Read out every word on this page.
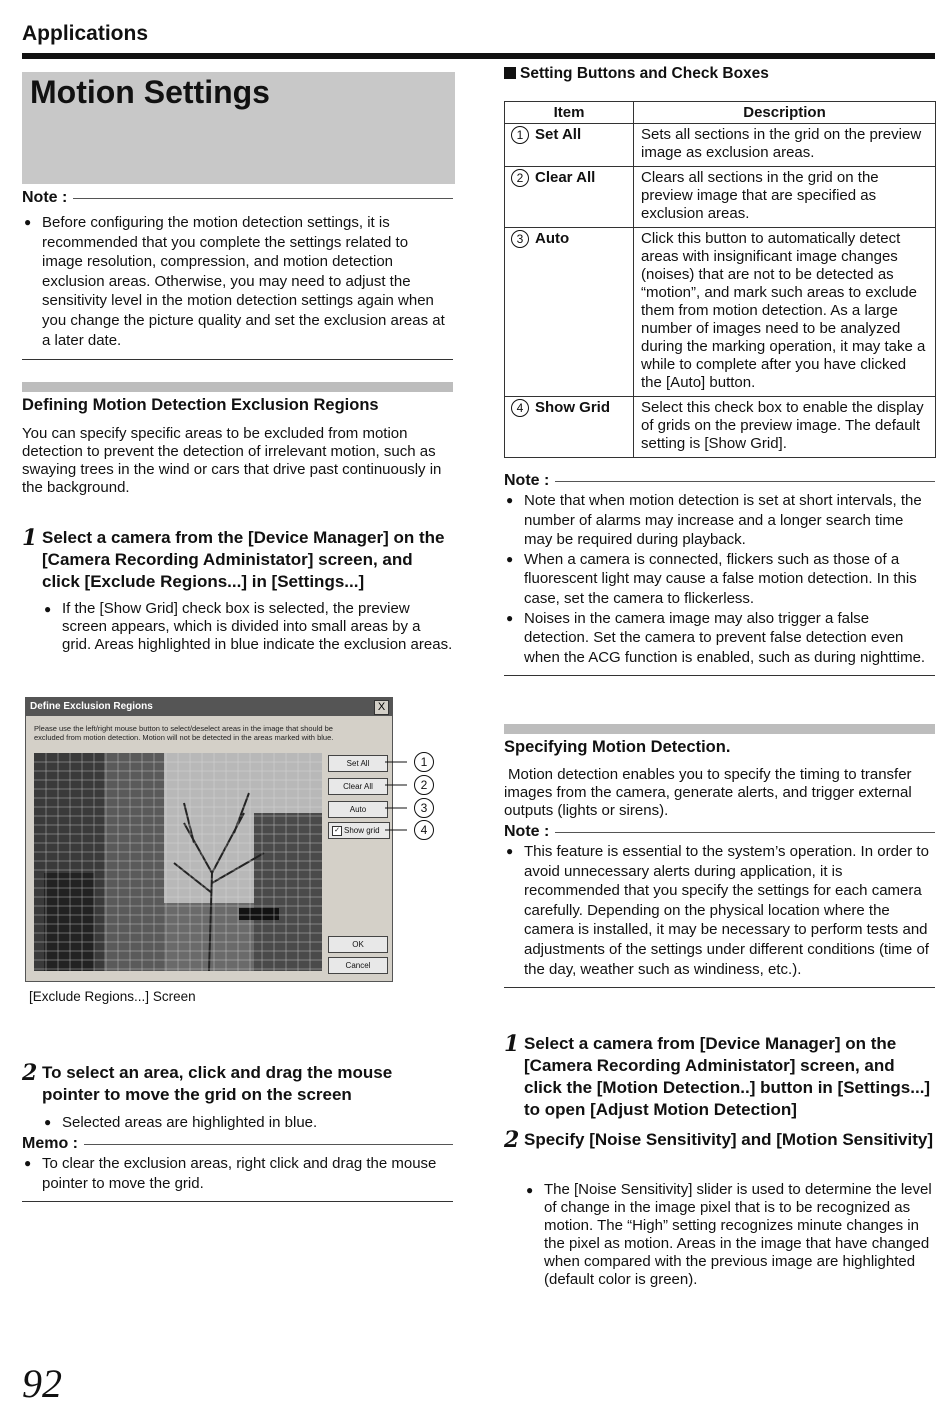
Applications
Motion Settings
Note :

● Before configuring the motion detection settings, it is recommended that you complete the settings related to image resolution, compression, and motion detection exclusion areas. Otherwise, you may need to adjust the sensitivity level in the motion detection settings again when you change the picture quality and set the exclusion areas at a later date.

Defining Motion Detection Exclusion Regions
You can specify specific areas to be excluded from motion detection to prevent the detection of irrelevant motion, such as swaying trees in the wind or cars that drive past continuously in the background.
1 Select a camera from the [Device Manager] on the [Camera Recording Administator] screen, and click [Exclude Regions...] in [Settings...]

● If the [Show Grid] check box is selected, the preview screen appears, which is divided into small areas by a grid. Areas highlighted in blue indicate the exclusion areas.

Define Exclusion Regions	X
Please use the left/right mouse button to select/deselect areas in the image that should be excluded from motion detection. Motion will not be detected in the areas marked with blue.
Set All
Clear All
Auto
✓ Show grid
OK
Cancel
1
2
3
4
[Exclude Regions...] Screen
2 To select an area, click and drag the mouse pointer to move the grid on the screen

● Selected areas are highlighted in blue.

Memo :

● To clear the exclusion areas, right click and drag the mouse pointer to move the grid.

Setting Buttons and Check Boxes
Item	Description
1 Set All	Sets all sections in the grid on the preview image as exclusion areas.
2 Clear All	Clears all sections in the grid on the preview image that are specified as exclusion areas.
3 Auto	Click this button to automatically detect areas with insignificant image changes (noises) that are not to be detected as “motion”, and mark such areas to exclude them from motion detection. As a large number of images need to be analyzed during the marking operation, it may take a while to complete after you have clicked the [Auto] button.
4 Show Grid	Select this check box to enable the display of grids on the preview image. The default setting is [Show Grid].
Note :

● Note that when motion detection is set at short intervals, the number of alarms may increase and a longer search time may be required during playback.

● When a camera is connected, flickers such as those of a fluorescent light may cause a false motion detection. In this case, set the camera to flickerless.

● Noises in the camera image may also trigger a false detection. Set the camera to prevent false detection even when the ACG function is enabled, such as during nighttime.

Specifying Motion Detection.
Motion detection enables you to specify the timing to transfer images from the camera, generate alerts, and trigger external outputs (lights or sirens).
Note :

● This feature is essential to the system’s operation. In order to avoid unnecessary alerts during application, it is recommended that you specify the settings for each camera carefully. Depending on the physical location where the camera is installed, it may be necessary to perform tests and adjustments of the settings under different conditions (time of the day, weather such as windiness, etc.).

1 Select a camera from [Device Manager] on the [Camera Recording Administator] screen, and click the [Motion Detection..] button in [Settings...] to open [Adjust Motion Detection]
2 Specify [Noise Sensitivity] and [Motion Sensitivity]

● The [Noise Sensitivity] slider is used to determine the level of change in the image pixel that is to be recognized as motion. The “High” setting recognizes minute changes in the pixel as motion. Areas in the image that have changed when compared with the previous image are highlighted (default color is green).

92
